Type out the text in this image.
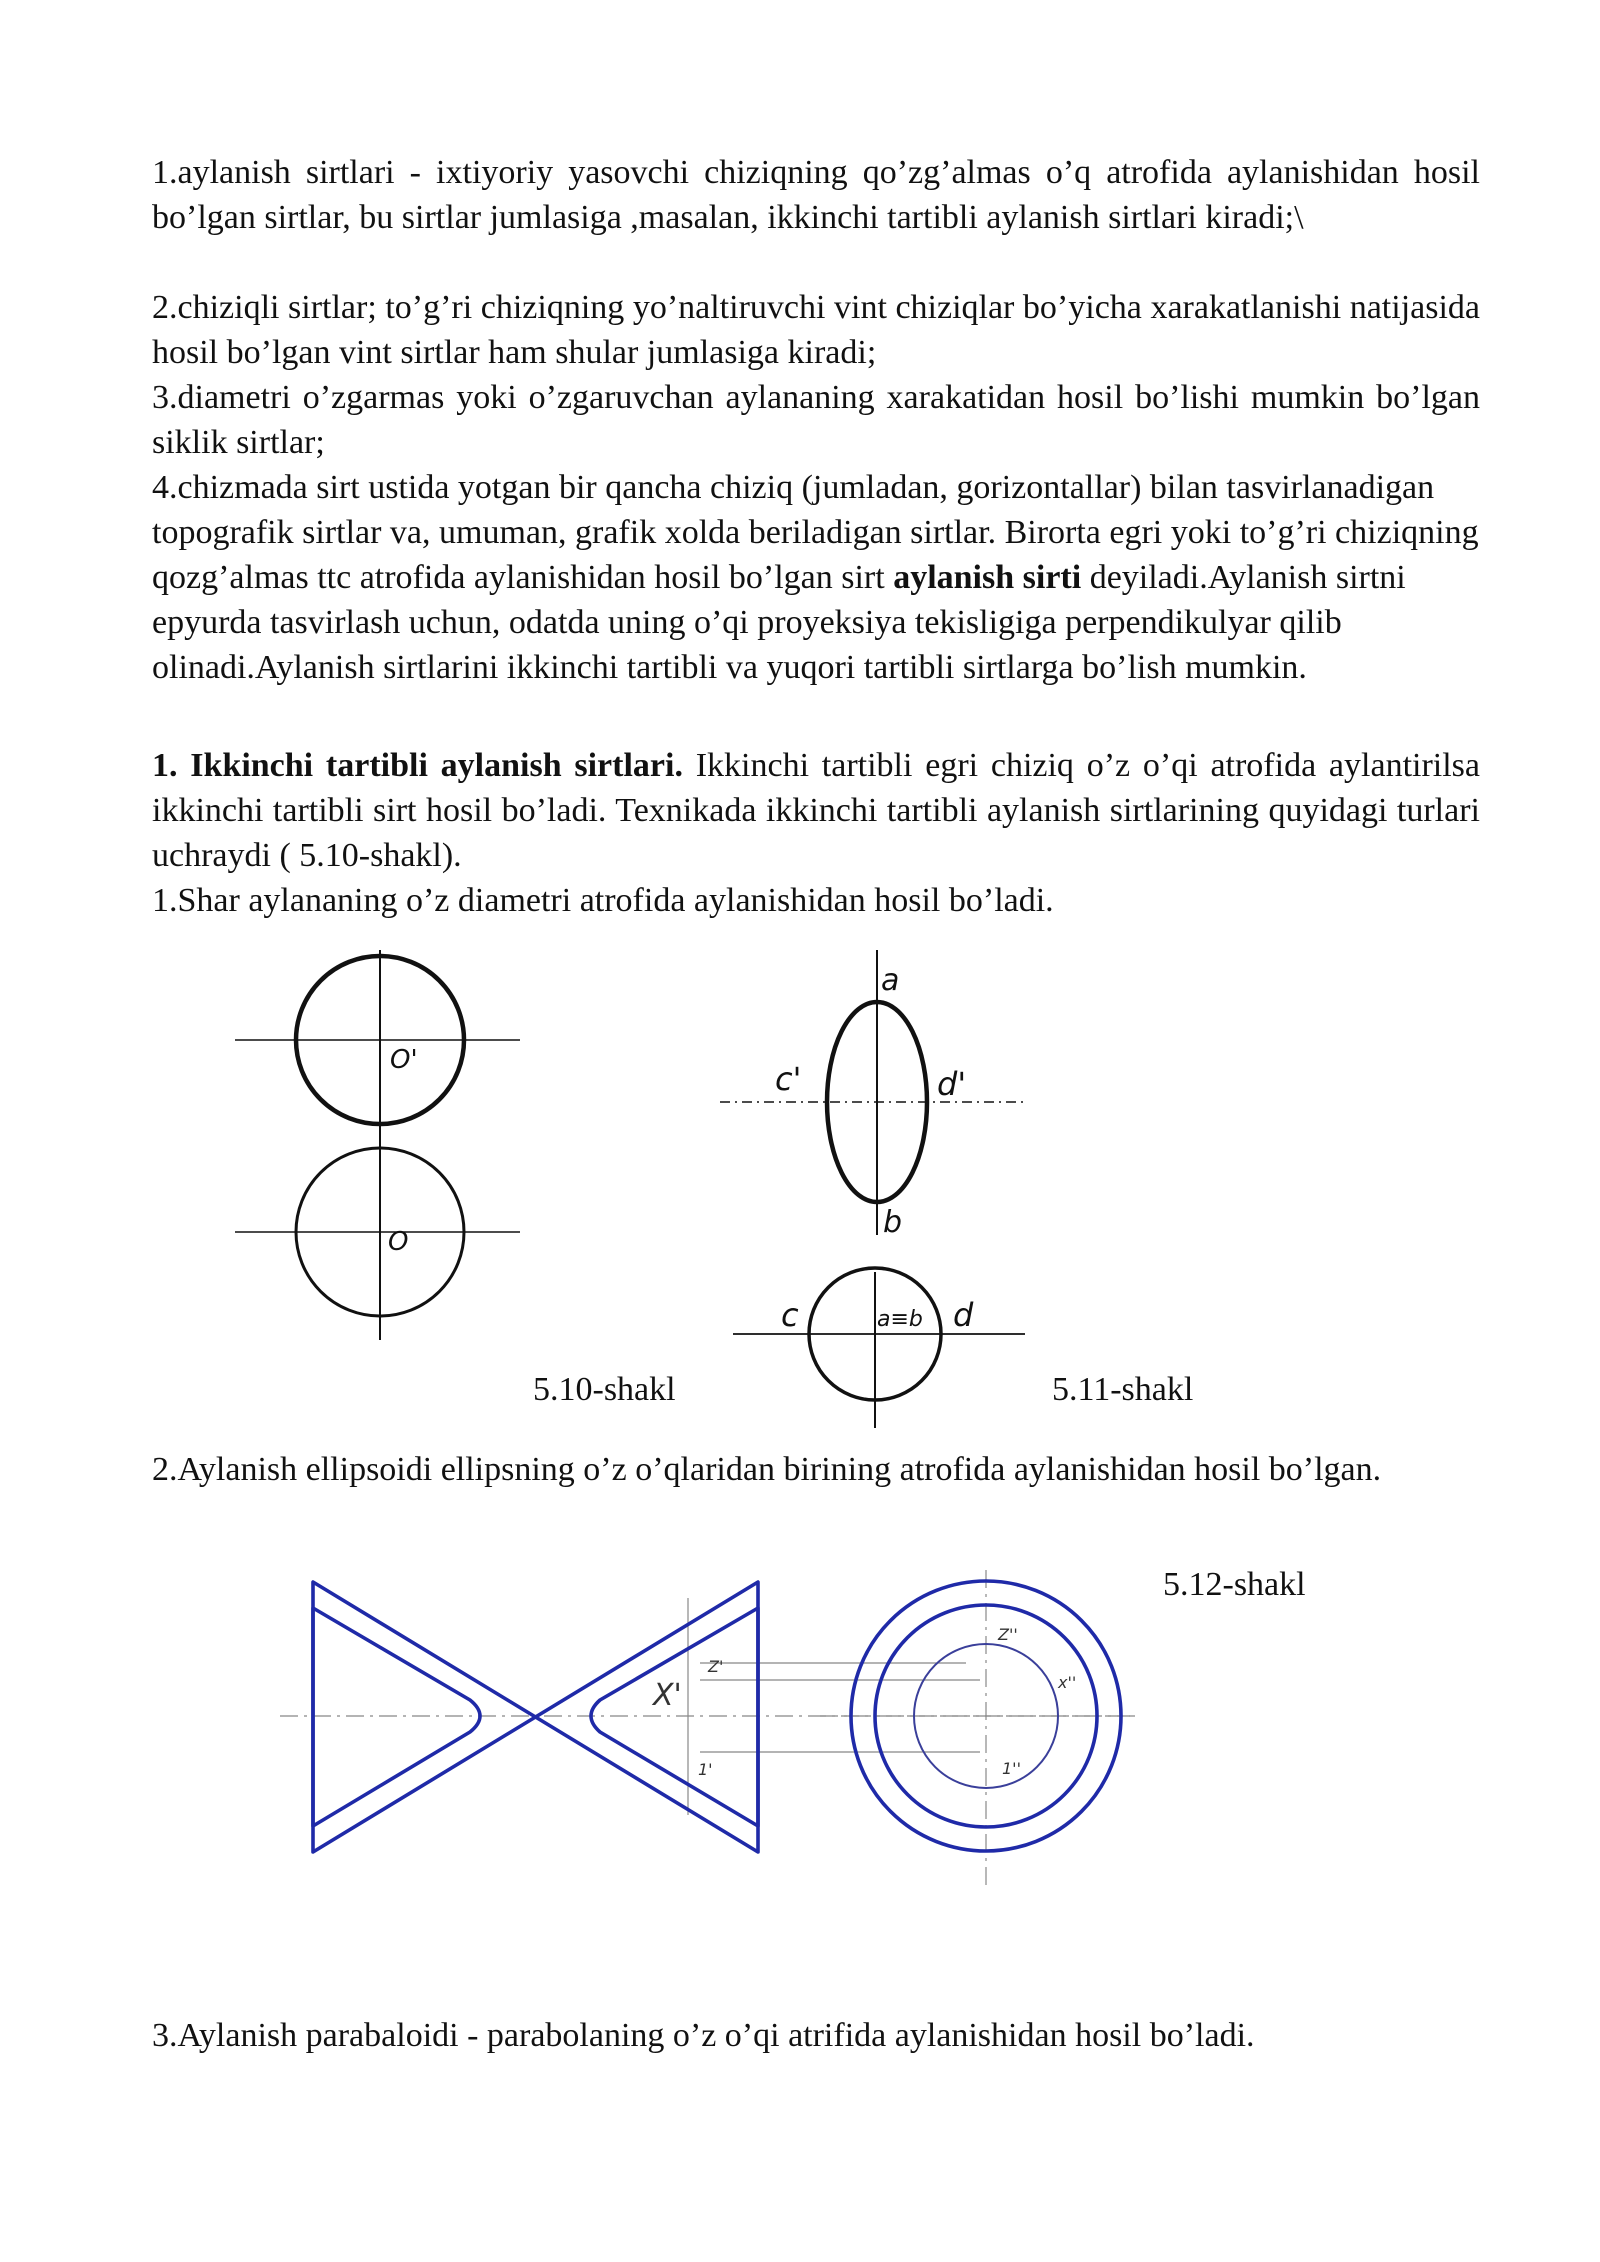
1.aylanish sirtlari - ixtiyoriy yasovchi chiziqning qo’zg’almas o’q atrofida aylanishidan hosil bo’lgan sirtlar, bu sirtlar jumlasiga ,masalan, ikkinchi tartibli aylanish sirtlari kiradi;\

2.chiziqli sirtlar; to’g’ri chiziqning yo’naltiruvchi vint chiziqlar bo’yicha xarakatlanishi natijasida hosil bo’lgan vint sirtlar ham shular jumlasiga kiradi;

3.diametri o’zgarmas yoki o’zgaruvchan aylananing xarakatidan hosil bo’lishi mumkin bo’lgan siklik sirtlar;

4.chizmada sirt ustida yotgan bir qancha chiziq (jumladan, gorizontallar) bilan tasvirlanadigan topografik sirtlar va, umuman, grafik xolda beriladigan sirtlar. Birorta egri yoki to’g’ri chiziqning qozg’almas ttc atrofida aylanishidan hosil bo’lgan sirt aylanish sirti deyiladi.Aylanish sirtni epyurda tasvirlash uchun, odatda uning o’qi proyeksiya tekisligiga perpendikulyar qilib olinadi.Aylanish sirtlarini ikkinchi tartibli va yuqori tartibli sirtlarga bo’lish mumkin.

1. Ikkinchi tartibli aylanish sirtlari. Ikkinchi tartibli egri chiziq o’z o’qi atrofida aylantirilsa ikkinchi tartibli sirt hosil bo’ladi. Texnikada ikkinchi tartibli aylanish sirtlarining quyidagi turlari uchraydi ( 5.10-shakl).

1.Shar aylananing o’z diametri atrofida aylanishidan hosil bo’ladi.

O'
O
a
c'	d'
b
c	a≡b d
5.10-shakl	5.11-shakl

2.Aylanish ellipsoidi ellipsning o’z o’qlaridan birining atrofida aylanishidan hosil bo’lgan.

5.12-shakl
X'
Z'
1'
Z''
x''
1''

3.Aylanish parabaloidi - parabolaning o’z o’qi atrifida aylanishidan hosil bo’ladi.
